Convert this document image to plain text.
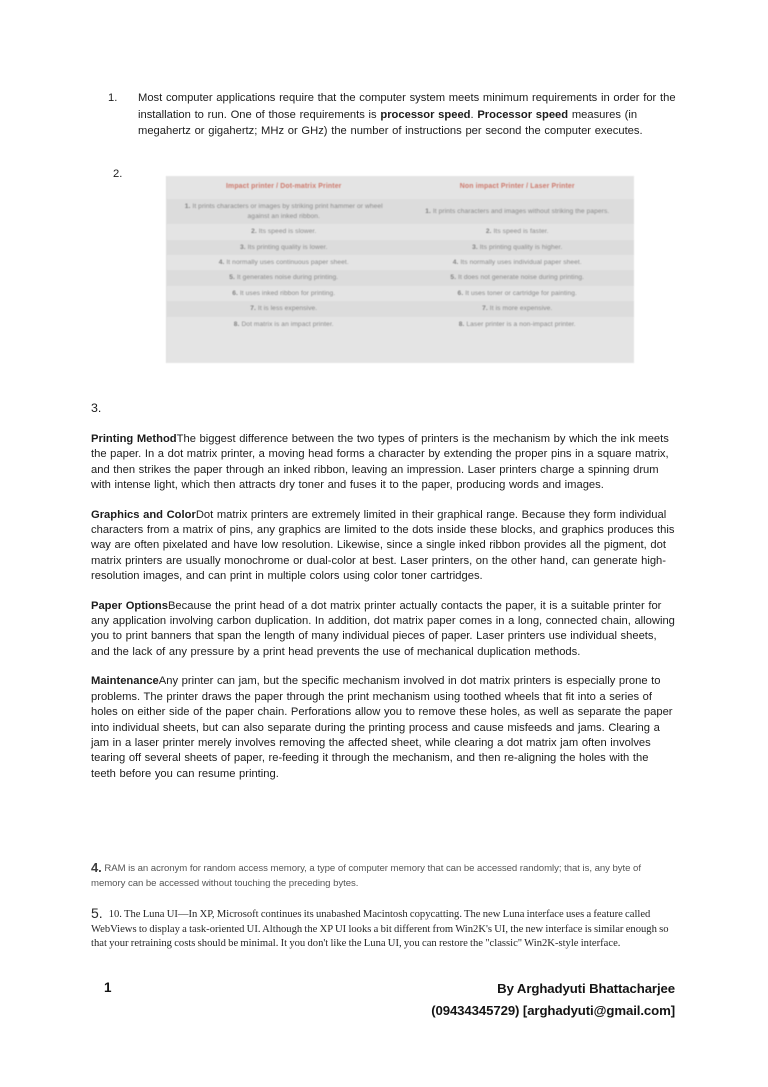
1.	Most computer applications require that the computer system meets minimum requirements in order for the installation to run. One of those requirements is processor speed. Processor speed measures (in megahertz or gigahertz; MHz or GHz) the number of instructions per second the computer executes.
2.
Impact printer / Dot-matrix Printer	Non impact Printer / Laser Printer
1. It prints characters or images by striking print hammer or wheel against an inked ribbon.	1. It prints characters and images without striking the papers.
2. Its speed is slower.	2. Its speed is faster.
3. Its printing quality is lower.	3. Its printing quality is higher.
4. It normally uses continuous paper sheet.	4. Its normally uses individual paper sheet.
5. It generates noise during printing.	5. It does not generate noise during printing.
6. It uses inked ribbon for printing.	6. It uses toner or cartridge for painting.
7. It is less expensive.	7. It is more expensive.
8. Dot matrix is an impact printer.	8. Laser printer is a non-impact printer.
3.

Printing MethodThe biggest difference between the two types of printers is the mechanism by which the ink meets the paper. In a dot matrix printer, a moving head forms a character by extending the proper pins in a square matrix, and then strikes the paper through an inked ribbon, leaving an impression. Laser printers charge a spinning drum with intense light, which then attracts dry toner and fuses it to the paper, producing words and images.

Graphics and ColorDot matrix printers are extremely limited in their graphical range. Because they form individual characters from a matrix of pins, any graphics are limited to the dots inside these blocks, and graphics produces this way are often pixelated and have low resolution. Likewise, since a single inked ribbon provides all the pigment, dot matrix printers are usually monochrome or dual-color at best. Laser printers, on the other hand, can generate high-resolution images, and can print in multiple colors using color toner cartridges.

Paper OptionsBecause the print head of a dot matrix printer actually contacts the paper, it is a suitable printer for any application involving carbon duplication. In addition, dot matrix paper comes in a long, connected chain, allowing you to print banners that span the length of many individual pieces of paper. Laser printers use individual sheets, and the lack of any pressure by a print head prevents the use of mechanical duplication methods.

MaintenanceAny printer can jam, but the specific mechanism involved in dot matrix printers is especially prone to problems. The printer draws the paper through the print mechanism using toothed wheels that fit into a series of holes on either side of the paper chain. Perforations allow you to remove these holes, as well as separate the paper into individual sheets, but can also separate during the printing process and cause misfeeds and jams. Clearing a jam in a laser printer merely involves removing the affected sheet, while clearing a dot matrix jam often involves tearing off several sheets of paper, re-feeding it through the mechanism, and then re-aligning the holes with the teeth before you can resume printing.

4. RAM is an acronym for random access memory, a type of computer memory that can be accessed randomly; that is, any byte of memory can be accessed without touching the preceding bytes.
5. 10. The Luna UI—In XP, Microsoft continues its unabashed Macintosh copycatting. The new Luna interface uses a feature called WebViews to display a task-oriented UI. Although the XP UI looks a bit different from Win2K's UI, the new interface is similar enough so that your retraining costs should be minimal. It you don't like the Luna UI, you can restore the "classic" Win2K-style interface.
1	By Arghadyuti Bhattacharjee
(09434345729) [arghadyuti@gmail.com]
